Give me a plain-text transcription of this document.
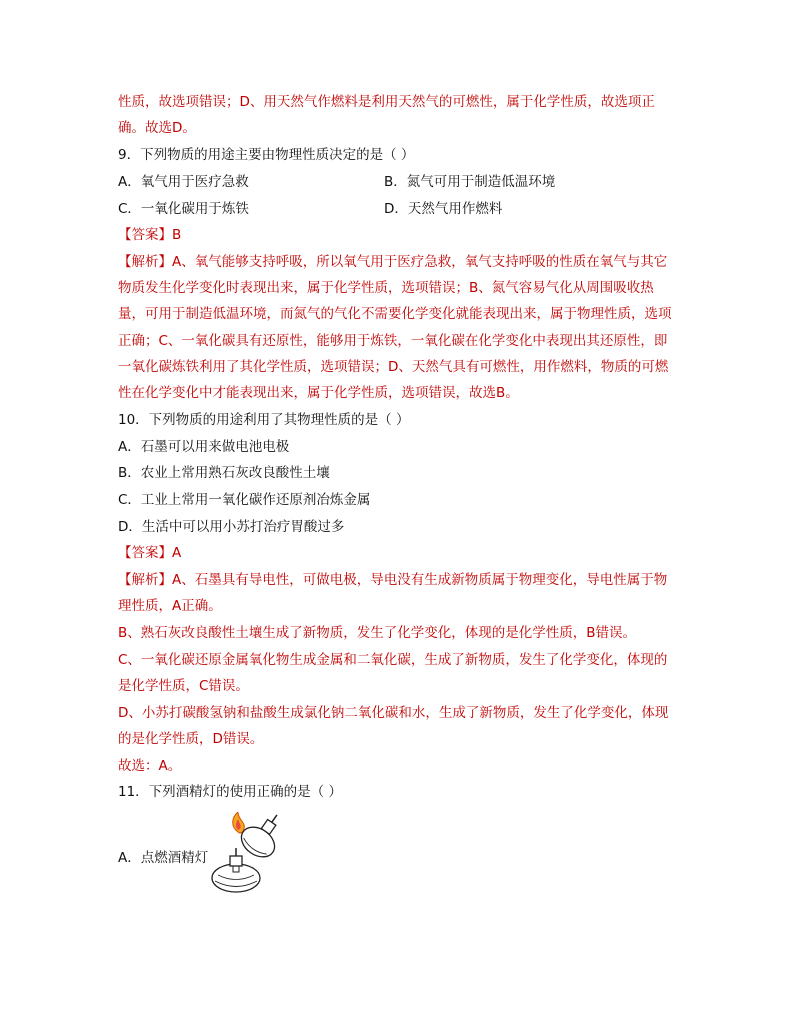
性质，故选项错误；D、用天然气作燃料是利用天然气的可燃性，属于化学性质，故选项正
确。故选D。
9．下列物质的用途主要由物理性质决定的是（ ）
A．氧气用于医疗急救	B．氮气可用于制造低温环境
C．一氧化碳用于炼铁	D．天然气用作燃料
【答案】B
【解析】A、氧气能够支持呼吸，所以氧气用于医疗急救，氧气支持呼吸的性质在氧气与其它
物质发生化学变化时表现出来，属于化学性质，选项错误；B、氮气容易气化从周围吸收热
量，可用于制造低温环境，而氮气的气化不需要化学变化就能表现出来，属于物理性质，选项
正确；C、一氧化碳具有还原性，能够用于炼铁，一氧化碳在化学变化中表现出其还原性，即
一氧化碳炼铁利用了其化学性质，选项错误；D、天然气具有可燃性，用作燃料，物质的可燃
性在化学变化中才能表现出来，属于化学性质，选项错误，故选B。
10．下列物质的用途利用了其物理性质的是（ ）
A．石墨可以用来做电池电极
B．农业上常用熟石灰改良酸性土壤
C．工业上常用一氧化碳作还原剂冶炼金属
D．生活中可以用小苏打治疗胃酸过多
【答案】A
【解析】A、石墨具有导电性，可做电极，导电没有生成新物质属于物理变化，导电性属于物
理性质，A正确。
B、熟石灰改良酸性土壤生成了新物质，发生了化学变化，体现的是化学性质，B错误。
C、一氧化碳还原金属氧化物生成金属和二氧化碳，生成了新物质，发生了化学变化，体现的
是化学性质，C错误。
D、小苏打碳酸氢钠和盐酸生成氯化钠二氧化碳和水，生成了新物质，发生了化学变化，体现
的是化学性质，D错误。
故选：A。
11．下列酒精灯的使用正确的是（ ）
A．点燃酒精灯
